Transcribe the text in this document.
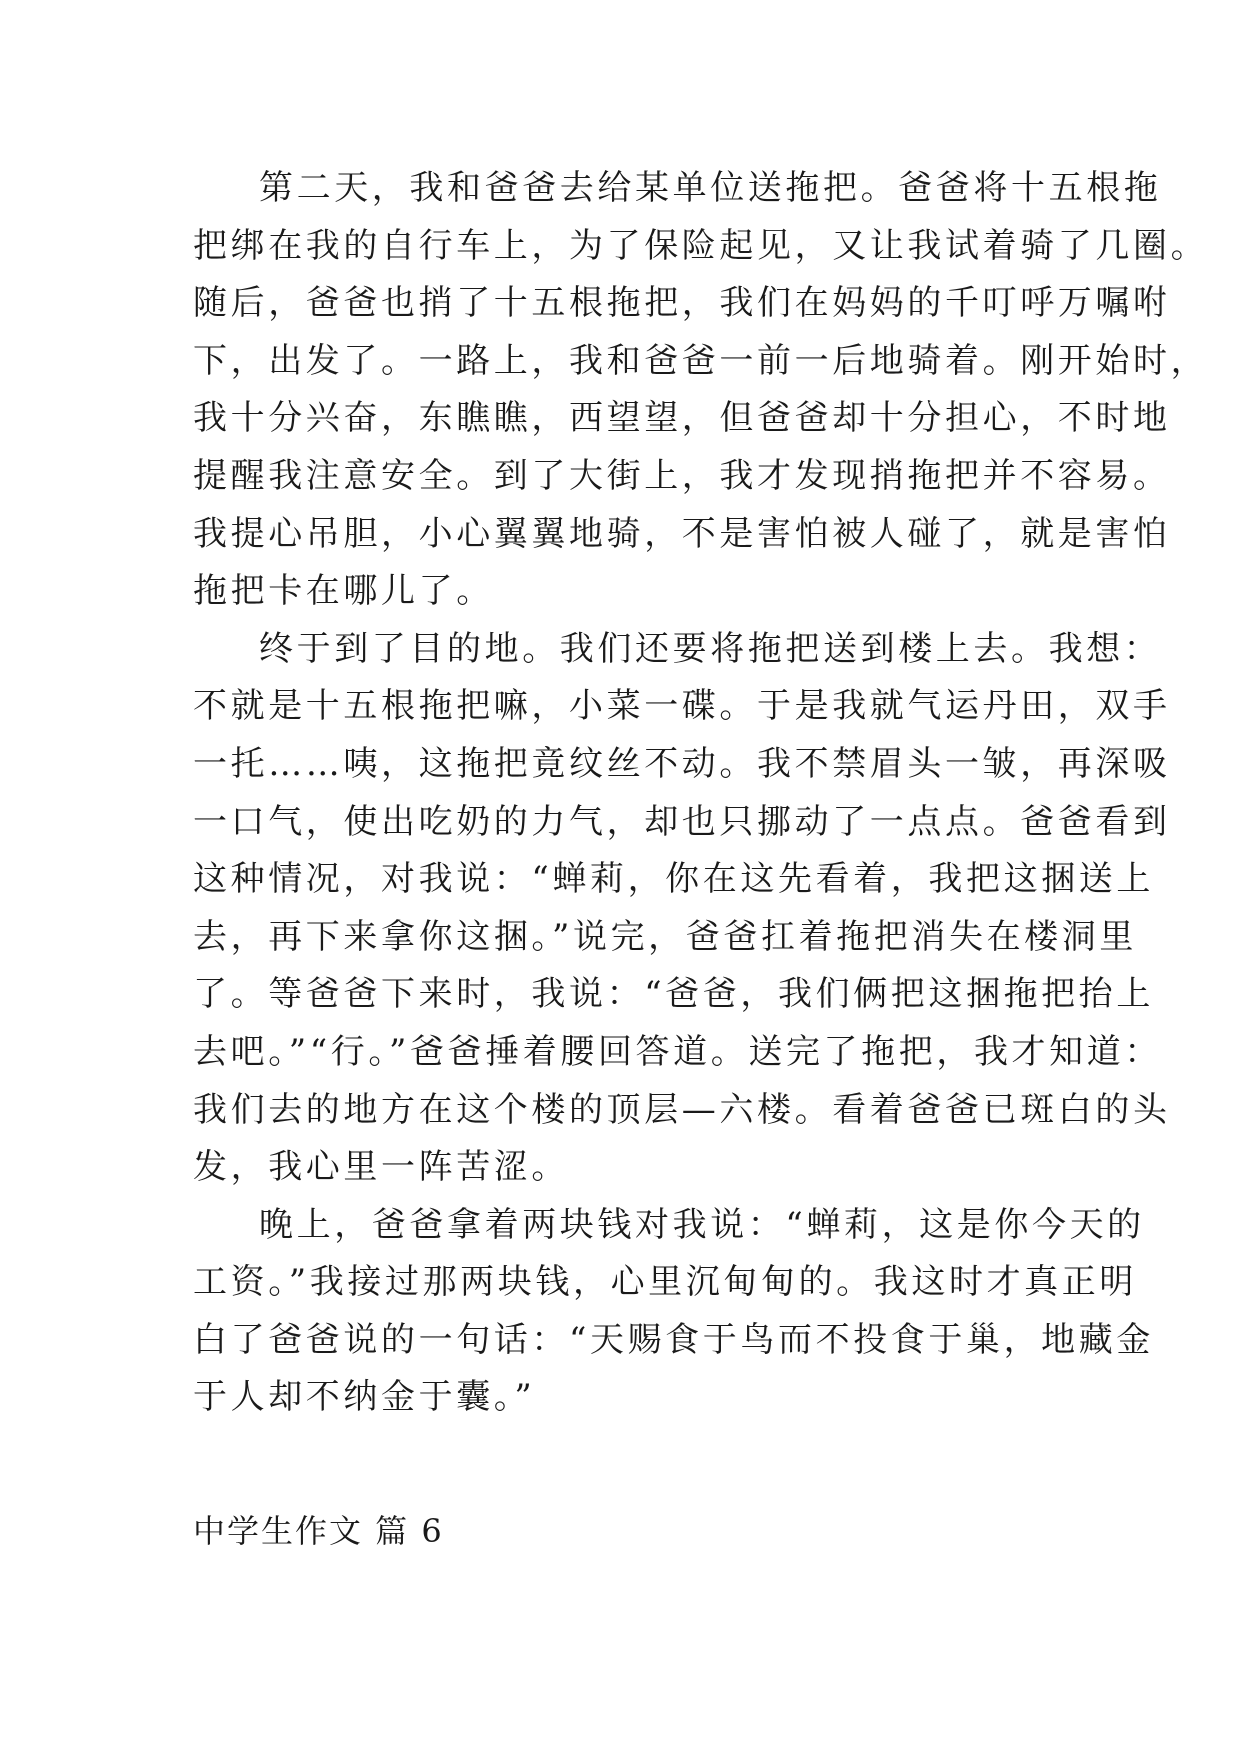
第二天，我和爸爸去给某单位送拖把。爸爸将十五根拖
把绑在我的自行车上，为了保险起见，又让我试着骑了几圈。
随后，爸爸也捎了十五根拖把，我们在妈妈的千叮呼万嘱咐
下，出发了。一路上，我和爸爸一前一后地骑着。刚开始时，
我十分兴奋，东瞧瞧，西望望，但爸爸却十分担心，不时地
提醒我注意安全。到了大街上，我才发现捎拖把并不容易。
我提心吊胆，小心翼翼地骑，不是害怕被人碰了，就是害怕
拖把卡在哪儿了。
终于到了目的地。我们还要将拖把送到楼上去。我想：
不就是十五根拖把嘛，小菜一碟。于是我就气运丹田，双手
一托……咦，这拖把竟纹丝不动。我不禁眉头一皱，再深吸
一口气，使出吃奶的力气，却也只挪动了一点点。爸爸看到
这种情况，对我说：“蝉莉，你在这先看着，我把这捆送上
去，再下来拿你这捆。”说完，爸爸扛着拖把消失在楼洞里
了。等爸爸下来时，我说：“爸爸，我们俩把这捆拖把抬上
去吧。”“行。”爸爸捶着腰回答道。送完了拖把，我才知道：
我们去的地方在这个楼的顶层—六楼。看着爸爸已斑白的头
发，我心里一阵苦涩。
晚上，爸爸拿着两块钱对我说：“蝉莉，这是你今天的
工资。”我接过那两块钱，心里沉甸甸的。我这时才真正明
白了爸爸说的一句话：“天赐食于鸟而不投食于巢，地藏金
于人却不纳金于囊。”
中学生作文 篇 6
